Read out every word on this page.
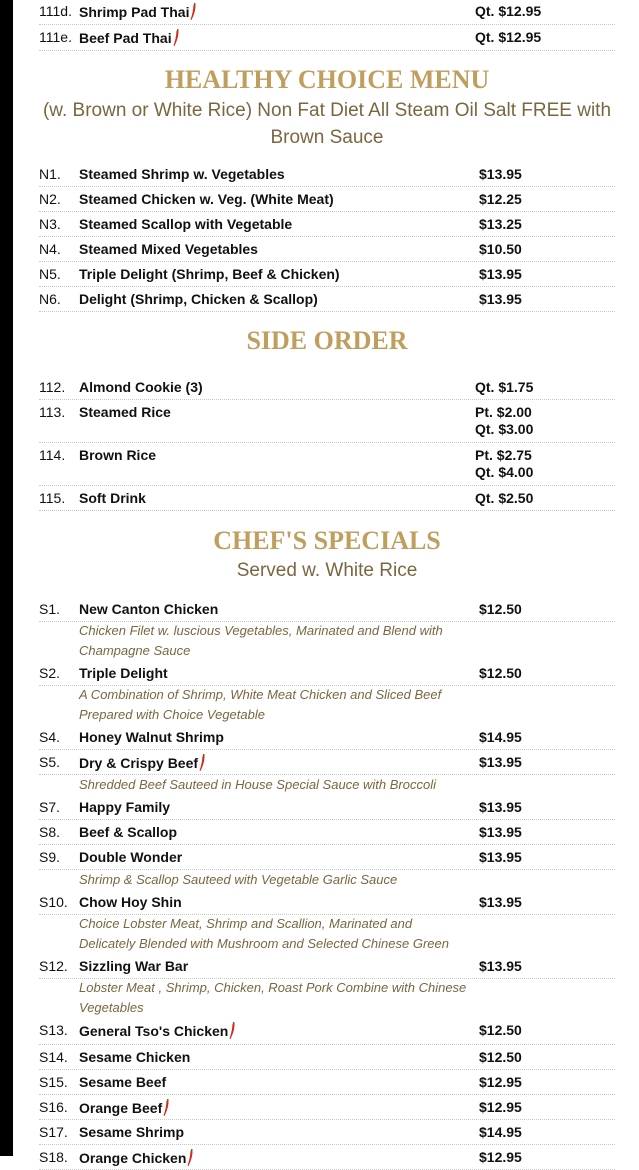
111d. Shrimp Pad Thai	Qt. $12.95
111e. Beef Pad Thai	Qt. $12.95
HEALTHY CHOICE MENU
(w. Brown or White Rice) Non Fat Diet All Steam Oil Salt FREE with Brown Sauce
N1.	Steamed Shrimp w. Vegetables	$13.95
N2.	Steamed Chicken w. Veg. (White Meat)	$12.25
N3.	Steamed Scallop with Vegetable	$13.25
N4.	Steamed Mixed Vegetables	$10.50
N5.	Triple Delight (Shrimp, Beef & Chicken)	$13.95
N6.	Delight (Shrimp, Chicken & Scallop)	$13.95
SIDE ORDER
112. Almond Cookie (3)	Qt. $1.75
113. Steamed Rice	Pt. $2.00
Qt. $3.00
114. Brown Rice	Pt. $2.75
Qt. $4.00
115. Soft Drink	Qt. $2.50
CHEF'S SPECIALS
Served w. White Rice
S1.	New Canton Chicken	$12.50
Chicken Filet w. luscious Vegetables, Marinated and Blend with Champagne Sauce
S2.	Triple Delight	$12.50
A Combination of Shrimp, White Meat Chicken and Sliced Beef Prepared with Choice Vegetable
S4.	Honey Walnut Shrimp	$14.95
S5.	Dry & Crispy Beef	$13.95
Shredded Beef Sauteed in House Special Sauce with Broccoli
S7.	Happy Family	$13.95
S8.	Beef & Scallop	$13.95
S9.	Double Wonder	$13.95
Shrimp & Scallop Sauteed with Vegetable Garlic Sauce
S10. Chow Hoy Shin	$13.95
Choice Lobster Meat, Shrimp and Scallion, Marinated and Delicately Blended with Mushroom and Selected Chinese Green
S12. Sizzling War Bar	$13.95
Lobster Meat , Shrimp, Chicken, Roast Pork Combine with Chinese Vegetables
S13. General Tso's Chicken	$12.50
S14. Sesame Chicken	$12.50
S15. Sesame Beef	$12.95
S16. Orange Beef	$12.95
S17. Sesame Shrimp	$14.95
S18. Orange Chicken	$12.95
